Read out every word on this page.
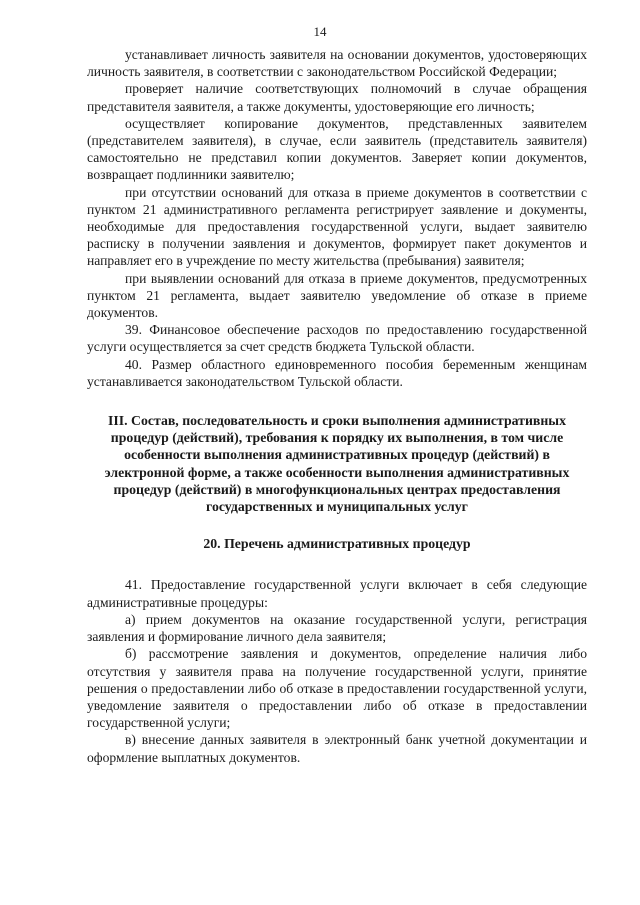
14

устанавливает личность заявителя на основании документов, удостоверяющих личность заявителя, в соответствии с законодательством Российской Федерации;

проверяет наличие соответствующих полномочий в случае обращения представителя заявителя, а также документы, удостоверяющие его личность;

осуществляет копирование документов, представленных заявителем (представителем заявителя), в случае, если заявитель (представитель заявителя) самостоятельно не представил копии документов. Заверяет копии документов, возвращает подлинники заявителю;

при отсутствии оснований для отказа в приеме документов в соответствии с пунктом 21 административного регламента регистрирует заявление и документы, необходимые для предоставления государственной услуги, выдает заявителю расписку в получении заявления и документов, формирует пакет документов и направляет его в учреждение по месту жительства (пребывания) заявителя;

при выявлении оснований для отказа в приеме документов, предусмотренных пунктом 21 регламента, выдает заявителю уведомление об отказе в приеме документов.

39. Финансовое обеспечение расходов по предоставлению государственной услуги осуществляется за счет средств бюджета Тульской области.

40. Размер областного единовременного пособия беременным женщинам устанавливается законодательством Тульской области.

III. Состав, последовательность и сроки выполнения административных процедур (действий), требования к порядку их выполнения, в том числе особенности выполнения административных процедур (действий) в электронной форме, а также особенности выполнения административных процедур (действий) в многофункциональных центрах предоставления государственных и муниципальных услуг
20. Перечень административных процедур

41. Предоставление государственной услуги включает в себя следующие административные процедуры:

а) прием документов на оказание государственной услуги, регистрация заявления и формирование личного дела заявителя;

б) рассмотрение заявления и документов, определение наличия либо отсутствия у заявителя права на получение государственной услуги, принятие решения о предоставлении либо об отказе в предоставлении государственной услуги, уведомление заявителя о предоставлении либо об отказе в предоставлении государственной услуги;

в) внесение данных заявителя в электронный банк учетной документации и оформление выплатных документов.
